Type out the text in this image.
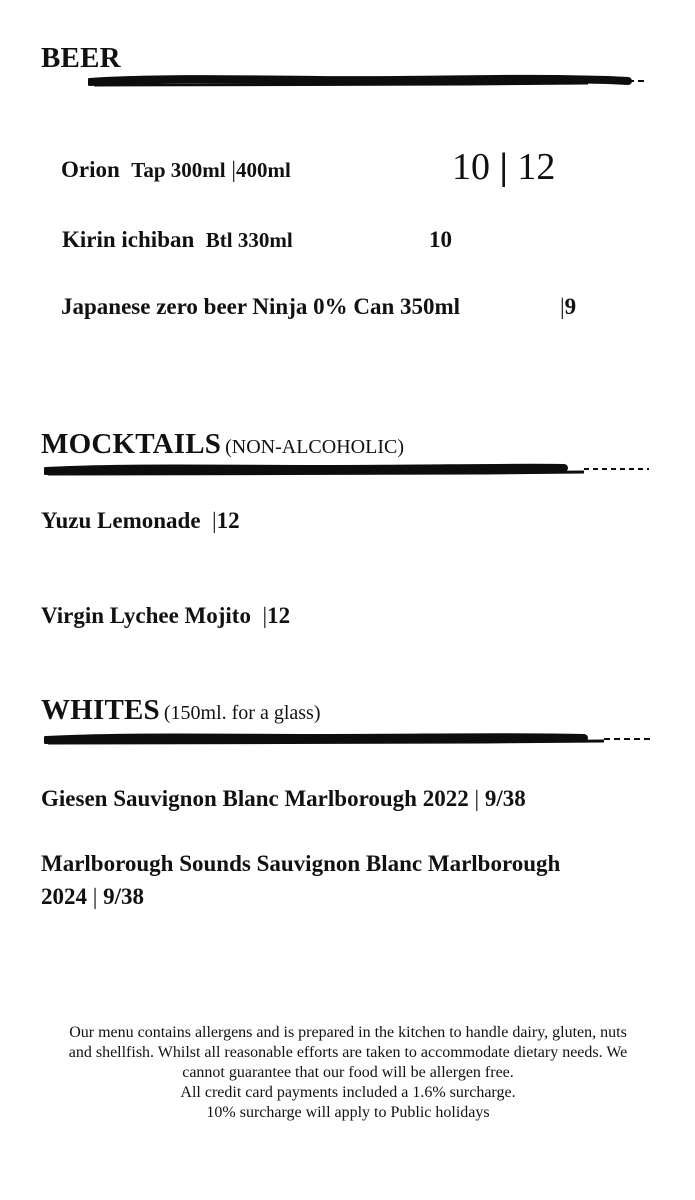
BEER
Orion Tap 300ml |400ml	10 | 12
Kirin ichiban Btl 330ml	10
Japanese zero beer Ninja 0% Can 350ml	|9
MOCKTAILS (NON-ALCOHOLIC)
Yuzu Lemonade |12
Virgin Lychee Mojito |12
WHITES (150ml. for a glass)
Giesen Sauvignon Blanc Marlborough 2022 | 9/38
Marlborough Sounds Sauvignon Blanc Marlborough
2024 | 9/38

Our menu contains allergens and is prepared in the kitchen to handle dairy, gluten, nuts

and shellfish. Whilst all reasonable efforts are taken to accommodate dietary needs. We

cannot guarantee that our food will be allergen free.

All credit card payments included a 1.6% surcharge.

10% surcharge will apply to Public holidays
